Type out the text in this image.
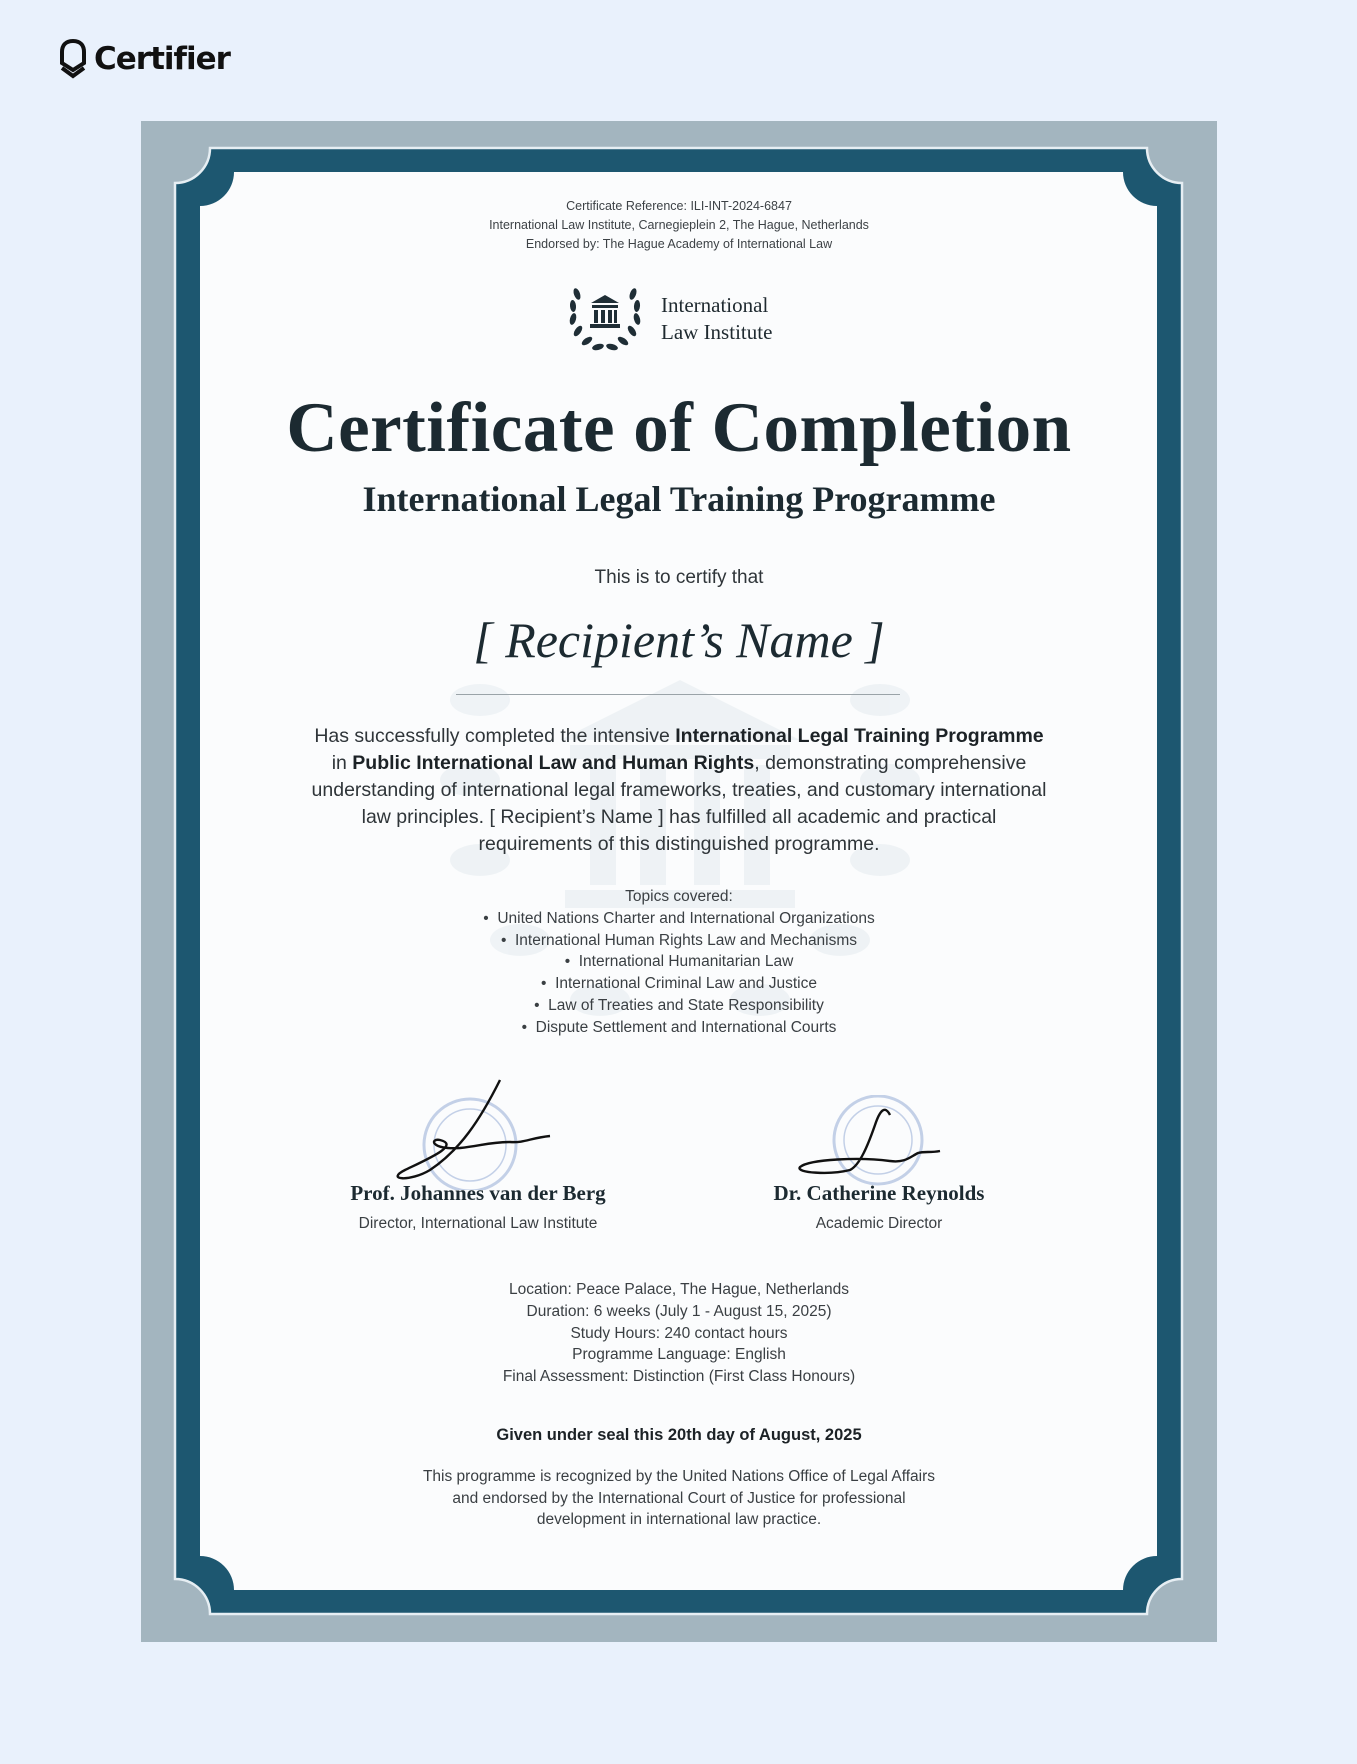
Certifier
Certificate Reference: ILI-INT-2024-6847
International Law Institute, Carnegieplein 2, The Hague, Netherlands
Endorsed by: The Hague Academy of International Law
International
Law Institute
Certificate of Completion
International Legal Training Programme
This is to certify that
[ Recipient’s Name ]
Has successfully completed the intensive International Legal Training Programme in Public International Law and Human Rights, demonstrating comprehensive understanding of international legal frameworks, treaties, and customary international law principles. [ Recipient’s Name ] has fulfilled all academic and practical requirements of this distinguished programme.
Topics covered:
•  United Nations Charter and International Organizations
•  International Human Rights Law and Mechanisms
•  International Humanitarian Law
•  International Criminal Law and Justice
•  Law of Treaties and State Responsibility
•  Dispute Settlement and International Courts
Prof. Johannes van der Berg
Director, International Law Institute
Dr. Catherine Reynolds
Academic Director
Location: Peace Palace, The Hague, Netherlands
Duration: 6 weeks (July 1 - August 15, 2025)
Study Hours: 240 contact hours
Programme Language: English
Final Assessment: Distinction (First Class Honours)
Given under seal this 20th day of August, 2025
This programme is recognized by the United Nations Office of Legal Affairs
and endorsed by the International Court of Justice for professional
development in international law practice.
